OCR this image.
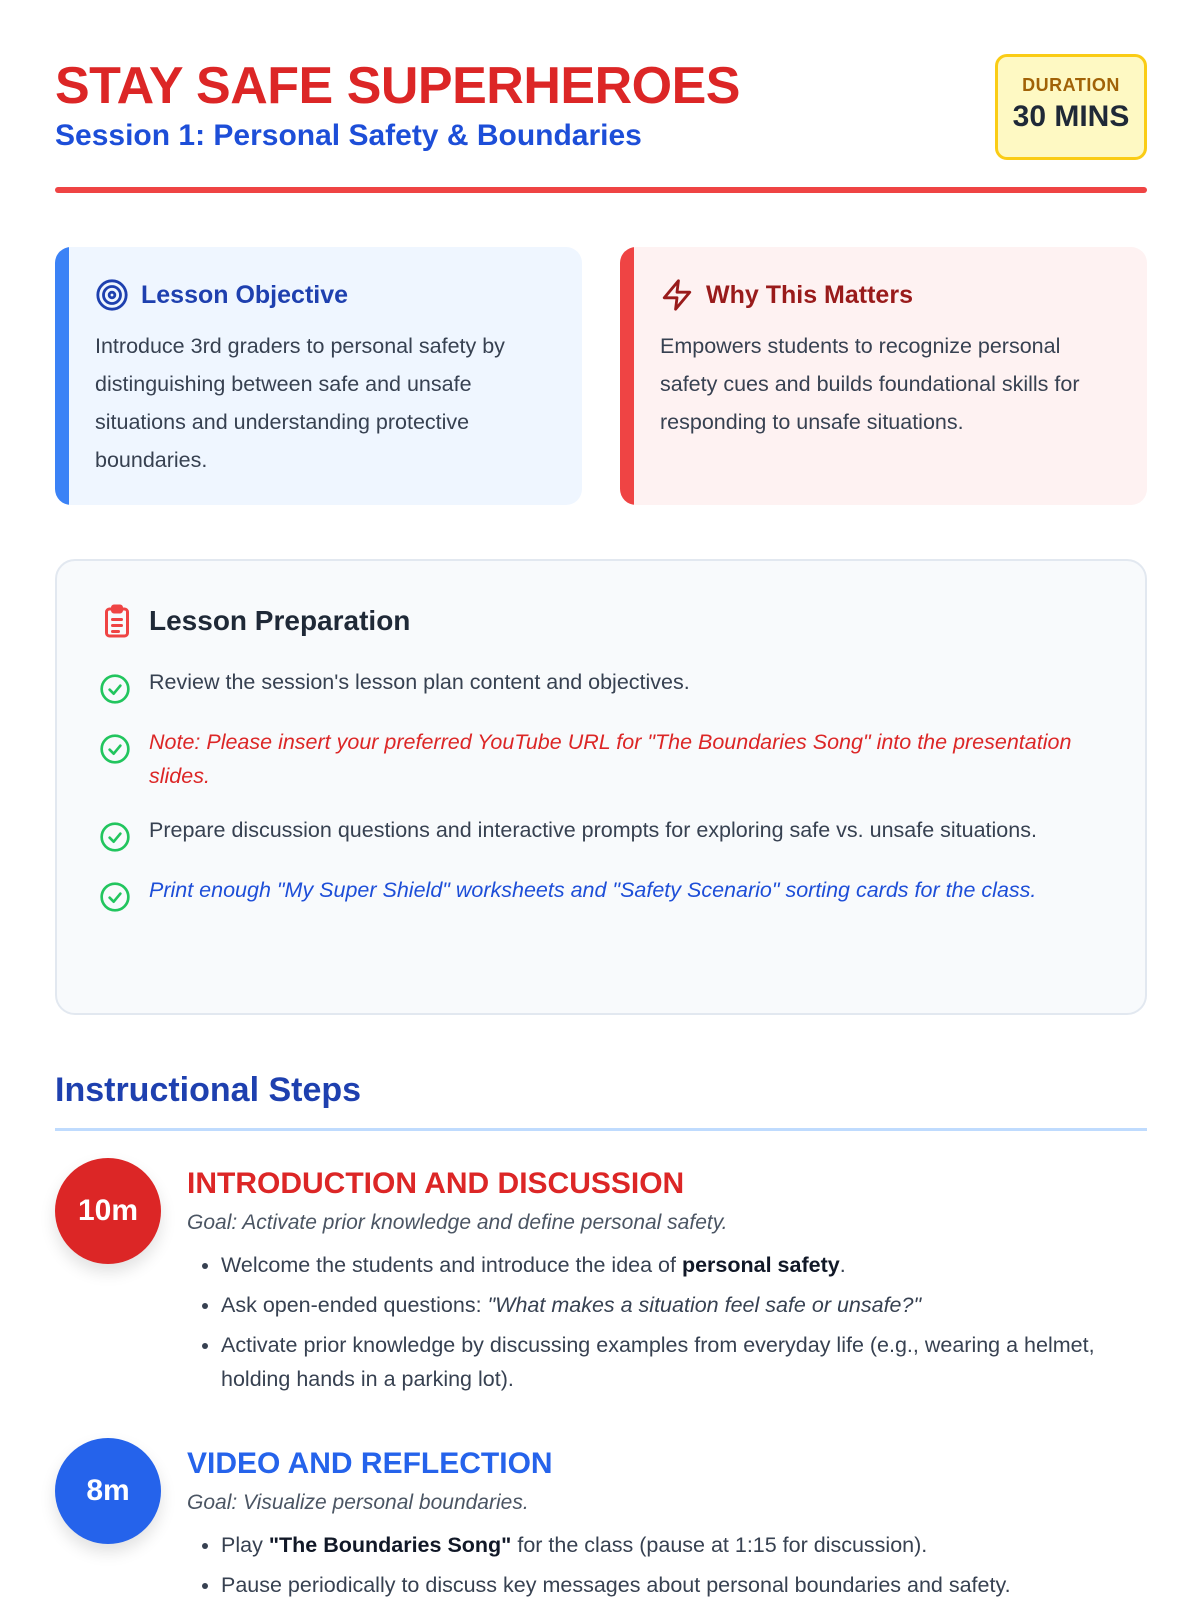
STAY SAFE SUPERHEROES
Session 1: Personal Safety & Boundaries
DURATION
30 MINS
Lesson Objective

Introduce 3rd graders to personal safety by distinguishing between safe and unsafe situations and understanding protective boundaries.

Why This Matters

Empowers students to recognize personal safety cues and builds foundational skills for responding to unsafe situations.

Lesson Preparation
Review the session's lesson plan content and objectives.
Note: Please insert your preferred YouTube URL for "The Boundaries Song" into the presentation slides.
Prepare discussion questions and interactive prompts for exploring safe vs. unsafe situations.
Print enough "My Super Shield" worksheets and "Safety Scenario" sorting cards for the class.
Instructional Steps
10m
INTRODUCTION AND DISCUSSION

Goal: Activate prior knowledge and define personal safety.

• Welcome the students and introduce the idea of personal safety.
• Ask open-ended questions: "What makes a situation feel safe or unsafe?"
• Activate prior knowledge by discussing examples from everyday life (e.g., wearing a helmet, holding hands in a parking lot).
8m
VIDEO AND REFLECTION

Goal: Visualize personal boundaries.

• Play "The Boundaries Song" for the class (pause at 1:15 for discussion).
• Pause periodically to discuss key messages about personal boundaries and safety.
